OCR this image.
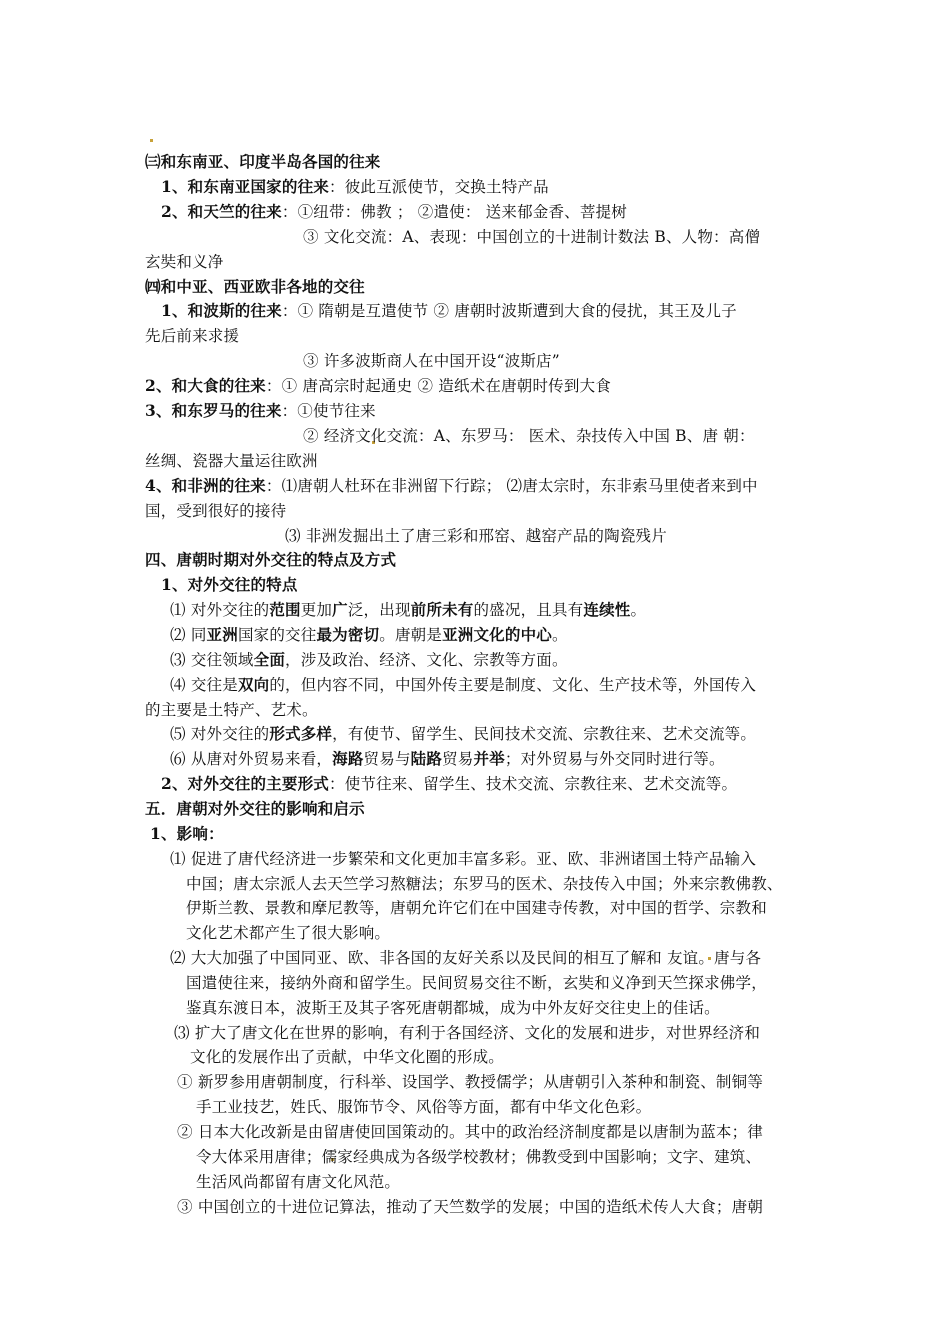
㈢和东南亚、印度半岛各国的往来
1、和东南亚国家的往来：彼此互派使节，交换土特产品
2、和天竺的往来：①纽带：佛教 ； ②遣使： 送来郁金香、菩提树
③ 文化交流：A、表现：中国创立的十进制计数法 B、人物：高僧
玄奘和义净
㈣和中亚、西亚欧非各地的交往
1、和波斯的往来：① 隋朝是互遣使节 ② 唐朝时波斯遭到大食的侵扰，其王及儿子
先后前来求援
③ 许多波斯商人在中国开设“波斯店”
2、和大食的往来：① 唐高宗时起通史 ② 造纸术在唐朝时传到大食
3、和东罗马的往来：①使节往来
② 经济文化交流：A、东罗马： 医术、杂技传入中国 B、唐 朝：
丝绸、瓷器大量运往欧洲
4、和非洲的往来：⑴唐朝人杜环在非洲留下行踪； ⑵唐太宗时，东非索马里使者来到中
国，受到很好的接待
⑶ 非洲发掘出土了唐三彩和邢窑、越窑产品的陶瓷残片
四、唐朝时期对外交往的特点及方式
1、对外交往的特点
⑴ 对外交往的范围更加广泛，出现前所未有的盛况，且具有连续性。
⑵ 同亚洲国家的交往最为密切。唐朝是亚洲文化的中心。
⑶ 交往领域全面，涉及政治、经济、文化、宗教等方面。
⑷ 交往是双向的，但内容不同，中国外传主要是制度、文化、生产技术等，外国传入
的主要是土特产、艺术。
⑸ 对外交往的形式多样，有使节、留学生、民间技术交流、宗教往来、艺术交流等。
⑹ 从唐对外贸易来看，海路贸易与陆路贸易并举；对外贸易与外交同时进行等。
2、对外交往的主要形式：使节往来、留学生、技术交流、宗教往来、艺术交流等。
五．唐朝对外交往的影响和启示
1、影响：
⑴ 促进了唐代经济进一步繁荣和文化更加丰富多彩。亚、欧、非洲诸国土特产品输入
中国；唐太宗派人去天竺学习熬糖法；东罗马的医术、杂技传入中国；外来宗教佛教、
伊斯兰教、景教和摩尼教等，唐朝允许它们在中国建寺传教，对中国的哲学、宗教和
文化艺术都产生了很大影响。
⑵ 大大加强了中国同亚、欧、非各国的友好关系以及民间的相互了解和 友谊。唐与各
国遣使往来，接纳外商和留学生。民间贸易交往不断，玄奘和义净到天竺探求佛学，
鉴真东渡日本，波斯王及其子客死唐朝都城，成为中外友好交往史上的佳话。
⑶ 扩大了唐文化在世界的影响，有利于各国经济、文化的发展和进步，对世界经济和
文化的发展作出了贡献，中华文化圈的形成。
① 新罗参用唐朝制度，行科举、设国学、教授儒学；从唐朝引入茶种和制瓷、制铜等
手工业技艺，姓氏、服饰节令、风俗等方面，都有中华文化色彩。
② 日本大化改新是由留唐使回国策动的。其中的政治经济制度都是以唐制为蓝本；律
令大体采用唐律；儒家经典成为各级学校教材；佛教受到中国影响；文字、建筑、
生活风尚都留有唐文化风范。
③ 中国创立的十进位记算法，推动了天竺数学的发展；中国的造纸术传人大食；唐朝
